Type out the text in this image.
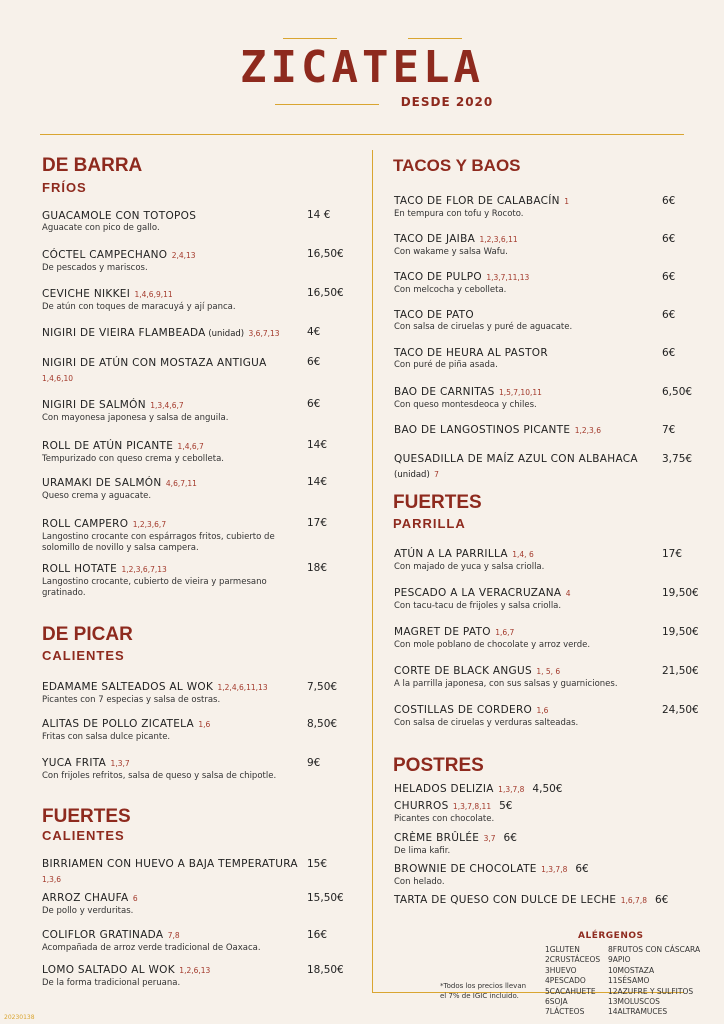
ZICATELA
DESDE 2020
DE BARRA
FRÍOS
GUACAMOLE CON TOTOPOS
Aguacate con pico de gallo.
14 €
CÓCTEL CAMPECHANO 2,4,13
De pescados y mariscos.
16,50€
CEVICHE NIKKEI 1,4,6,9,11
De atún con toques de maracuyá y ají panca.
16,50€
NIGIRI DE VIEIRA FLAMBEADA (unidad) 3,6,7,13	4€
NIGIRI DE ATÚN CON MOSTAZA ANTIGUA 1,4,6,10
6€
NIGIRI DE SALMÓN 1,3,4,6,7
Con mayonesa japonesa y salsa de anguila.
6€
ROLL DE ATÚN PICANTE 1,4,6,7
Tempurizado con queso crema y cebolleta.
14€
URAMAKI DE SALMÓN 4,6,7,11
Queso crema y aguacate.
14€
ROLL CAMPERO 1,2,3,6,7
Langostino crocante con espárragos fritos, cubierto de solomillo de novillo y salsa campera.
17€
ROLL HOTATE 1,2,3,6,7,13
Langostino crocante, cubierto de vieira y parmesano gratinado.
18€
DE PICAR
CALIENTES
EDAMAME SALTEADOS AL WOK 1,2,4,6,11,13
Picantes con 7 especias y salsa de ostras.
7,50€
ALITAS DE POLLO ZICATELA 1,6
Fritas con salsa dulce picante.
8,50€
YUCA FRITA 1,3,7
Con frijoles refritos, salsa de queso y salsa de chipotle.
9€
FUERTES
CALIENTES
BIRRIAMEN CON HUEVO A BAJA TEMPERATURA 1,3,6
15€
ARROZ CHAUFA 6
De pollo y verduritas.
15,50€
COLIFLOR GRATINADA 7,8
Acompañada de arroz verde tradicional de Oaxaca.
16€
LOMO SALTADO AL WOK 1,2,6,13
De la forma tradicional peruana.
18,50€
TACOS Y BAOS
TACO DE FLOR DE CALABACÍN 1
En tempura con tofu y Rocoto.
6€
TACO DE JAIBA 1,2,3,6,11
Con wakame y salsa Wafu.
6€
TACO DE PULPO 1,3,7,11,13
Con melcocha y cebolleta.
6€
TACO DE PATO
Con salsa de ciruelas y puré de aguacate.
6€
TACO DE HEURA AL PASTOR
Con puré de piña asada.
6€
BAO DE CARNITAS 1,5,7,10,11
Con queso montesdeoca y chiles.
6,50€
BAO DE LANGOSTINOS PICANTE 1,2,3,6	7€
QUESADILLA DE MAÍZ AZUL CON ALBAHACA (unidad) 7
3,75€
FUERTES
PARRILLA
ATÚN A LA PARRILLA 1,4, 6
Con majado de yuca y salsa criolla.
17€
PESCADO A LA VERACRUZANA 4
Con tacu-tacu de frijoles y salsa criolla.
19,50€
MAGRET DE PATO 1,6,7
Con mole poblano de chocolate y arroz verde.
19,50€
CORTE DE BLACK ANGUS 1, 5, 6
A la parrilla japonesa, con sus salsas y guarniciones.
21,50€
COSTILLAS DE CORDERO 1,6
Con salsa de ciruelas y verduras salteadas.
24,50€
POSTRES
HELADOS DELIZIA 1,3,7,8 4,50€
CHURROS 1,3,7,8,11 5€
Picantes con chocolate.
CRÈME BRÛLÉE 3,7 6€
De lima kafir.
BROWNIE DE CHOCOLATE 1,3,7,8 6€
Con helado.
TARTA DE QUESO CON DULCE DE LECHE 1,6,7,8 6€
ALÉRGENOS
1GLUTEN
2CRUSTÁCEOS
3HUEVO
4PESCADO
5CACAHUETE
6SOJA
7LÁCTEOS
8FRUTOS CON CÁSCARA
9APIO
10MOSTAZA
11SÉSAMO
12AZUFRE Y SULFITOS
13MOLUSCOS
14ALTRAMUCES
*Todos los precios llevan el 7% de IGIC incluido.
20230138
